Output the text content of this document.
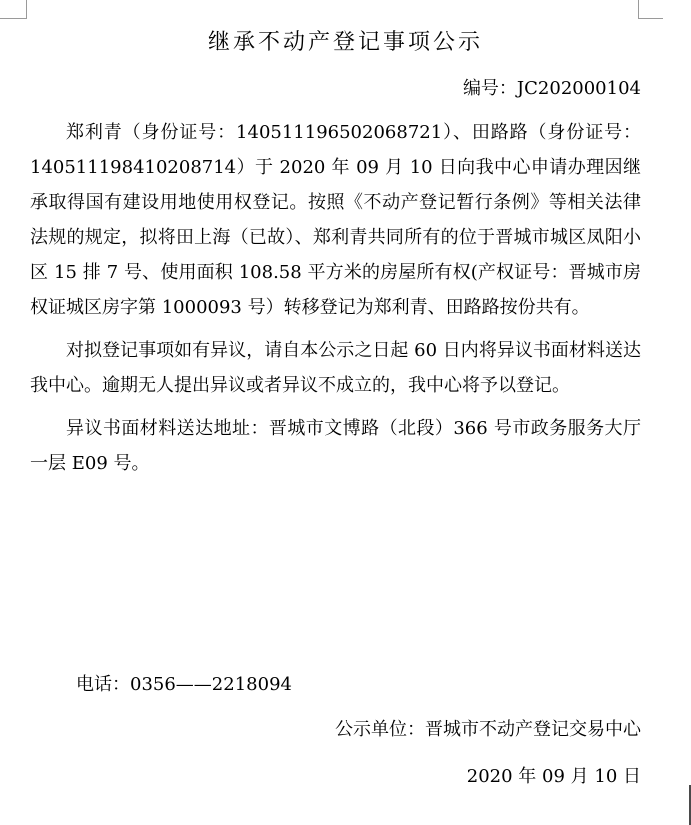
继承不动产登记事项公示
编号：JC202000104

郑利青（身份证号：140511196502068721）、田路路（身份证号：140511198410208714）于 2020 年 09 月 10 日向我中心申请办理因继承取得国有建设用地使用权登记。按照《不动产登记暂行条例》等相关法律法规的规定，拟将田上海（已故）、郑利青共同所有的位于晋城市城区凤阳小区 15 排 7 号、使用面积 108.58 平方米的房屋所有权(产权证号：晋城市房权证城区房字第 1000093 号）转移登记为郑利青、田路路按份共有。

对拟登记事项如有异议，请自本公示之日起 60 日内将异议书面材料送达我中心。逾期无人提出异议或者异议不成立的，我中心将予以登记。

异议书面材料送达地址：晋城市文博路（北段）366 号市政务服务大厅一层 E09 号。

电话：0356——2218094
公示单位：晋城市不动产登记交易中心
2020 年 09 月 10 日
